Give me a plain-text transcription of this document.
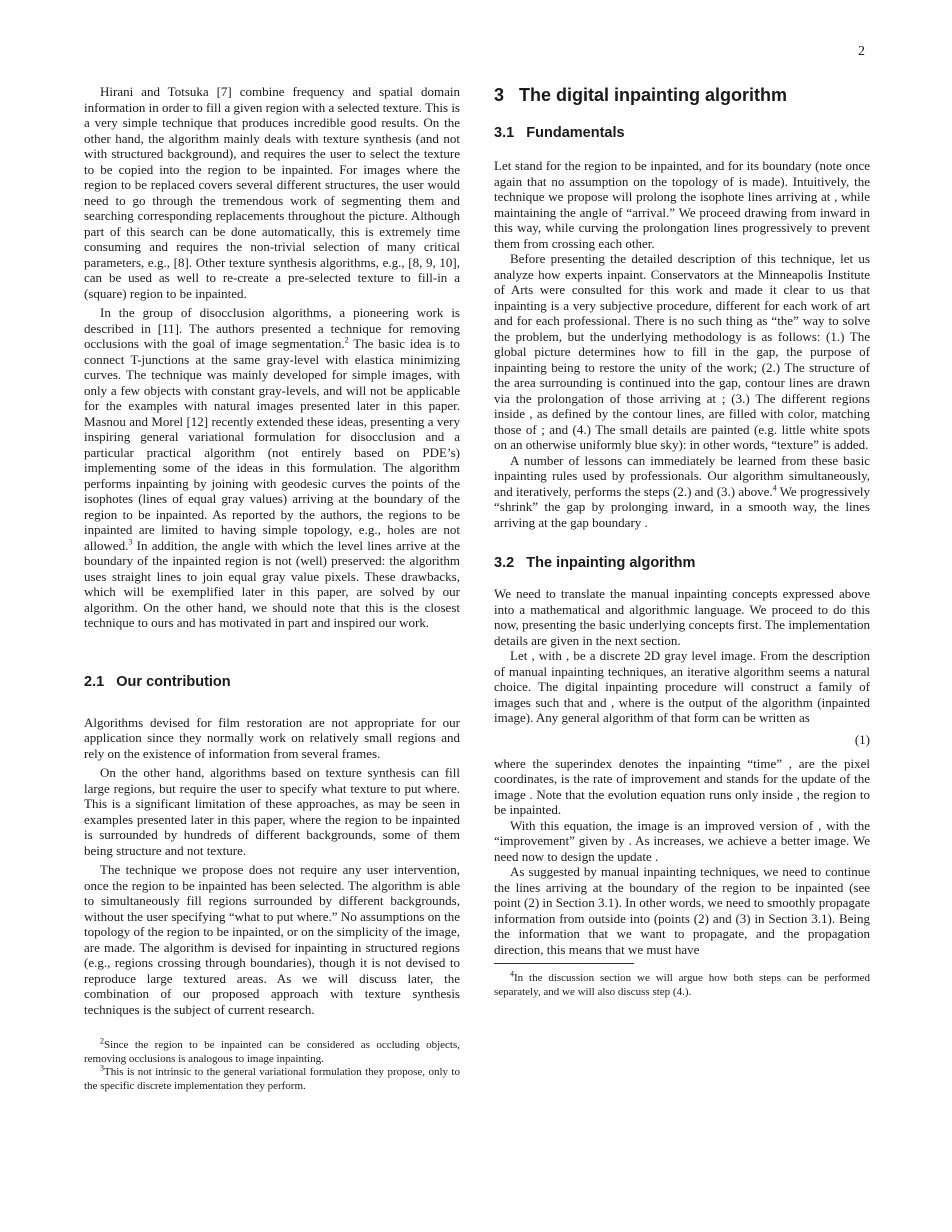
2

Hirani and Totsuka [7] combine frequency and spatial domain information in order to fill a given region with a selected texture. This is a very simple technique that produces incredible good results. On the other hand, the algorithm mainly deals with texture synthesis (and not with structured background), and requires the user to select the texture to be copied into the region to be inpainted. For images where the region to be replaced covers several different structures, the user would need to go through the tremendous work of segmenting them and searching corresponding replacements throughout the picture. Although part of this search can be done automatically, this is extremely time consuming and requires the non-trivial selection of many critical parameters, e.g., [8]. Other texture synthesis algorithms, e.g., [8, 9, 10], can be used as well to re-create a pre-selected texture to fill-in a (square) region to be inpainted.

In the group of disocclusion algorithms, a pioneering work is described in [11]. The authors presented a technique for removing occlusions with the goal of image segmentation.$^2$ The basic idea is to connect T-junctions at the same gray-level with elastica minimizing curves. The technique was mainly developed for simple images, with only a few objects with constant gray-levels, and will not be applicable for the examples with natural images presented later in this paper. Masnou and Morel [12] recently extended these ideas, presenting a very inspiring general variational formulation for disocclusion and a particular practical algorithm (not entirely based on PDE’s) implementing some of the ideas in this formulation. The algorithm performs inpainting by joining with geodesic curves the points of the isophotes (lines of equal gray values) arriving at the boundary of the region to be inpainted. As reported by the authors, the regions to be inpainted are limited to having simple topology, e.g., holes are not allowed.$^3$ In addition, the angle with which the level lines arrive at the boundary of the inpainted region is not (well) preserved: the algorithm uses straight lines to join equal gray value pixels. These drawbacks, which will be exemplified later in this paper, are solved by our algorithm. On the other hand, we should note that this is the closest technique to ours and has motivated in part and inspired our work.

2.1 Our contribution

Algorithms devised for film restoration are not appropriate for our application since they normally work on relatively small regions and rely on the existence of information from several frames.

On the other hand, algorithms based on texture synthesis can fill large regions, but require the user to specify what texture to put where. This is a significant limitation of these approaches, as may be seen in examples presented later in this paper, where the region to be inpainted is surrounded by hundreds of different backgrounds, some of them being structure and not texture.

The technique we propose does not require any user intervention, once the region to be inpainted has been selected. The algorithm is able to simultaneously fill regions surrounded by different backgrounds, without the user specifying “what to put where.” No assumptions on the topology of the region to be inpainted, or on the simplicity of the image, are made. The algorithm is devised for inpainting in structured regions (e.g., regions crossing through boundaries), though it is not devised to reproduce large textured areas. As we will discuss later, the combination of our proposed approach with texture synthesis techniques is the subject of current research.

$^2$Since the region to be inpainted can be considered as occluding objects, removing occlusions is analogous to image inpainting.

$^3$This is not intrinsic to the general variational formulation they propose, only to the specific discrete implementation they perform.

3 The digital inpainting algorithm
3.1 Fundamentals

Let stand for the region to be inpainted, and for its boundary (note once again that no assumption on the topology of is made). Intuitively, the technique we propose will prolong the isophote lines arriving at , while maintaining the angle of “arrival.” We proceed drawing from inward in this way, while curving the prolongation lines progressively to prevent them from crossing each other.

Before presenting the detailed description of this technique, let us analyze how experts inpaint. Conservators at the Minneapolis Institute of Arts were consulted for this work and made it clear to us that inpainting is a very subjective procedure, different for each work of art and for each professional. There is no such thing as “the” way to solve the problem, but the underlying methodology is as follows: (1.) The global picture determines how to fill in the gap, the purpose of inpainting being to restore the unity of the work; (2.) The structure of the area surrounding is continued into the gap, contour lines are drawn via the prolongation of those arriving at ; (3.) The different regions inside , as defined by the contour lines, are filled with color, matching those of ; and (4.) The small details are painted (e.g. little white spots on an otherwise uniformly blue sky): in other words, “texture” is added.

A number of lessons can immediately be learned from these basic inpainting rules used by professionals. Our algorithm simultaneously, and iteratively, performs the steps (2.) and (3.) above.$^4$ We progressively “shrink” the gap by prolonging inward, in a smooth way, the lines arriving at the gap boundary .

3.2 The inpainting algorithm

We need to translate the manual inpainting concepts expressed above into a mathematical and algorithmic language. We proceed to do this now, presenting the basic underlying concepts first. The implementation details are given in the next section.

Let , with , be a discrete 2D gray level image. From the description of manual inpainting techniques, an iterative algorithm seems a natural choice. The digital inpainting procedure will construct a family of images such that and , where is the output of the algorithm (inpainted image). Any general algorithm of that form can be written as

(1)

where the superindex denotes the inpainting “time” , are the pixel coordinates, is the rate of improvement and stands for the update of the image . Note that the evolution equation runs only inside , the region to be inpainted.

With this equation, the image is an improved version of , with the “improvement” given by . As increases, we achieve a better image. We need now to design the update .

As suggested by manual inpainting techniques, we need to continue the lines arriving at the boundary of the region to be inpainted (see point (2) in Section 3.1). In other words, we need to smoothly propagate information from outside into (points (2) and (3) in Section 3.1). Being the information that we want to propagate, and the propagation direction, this means that we must have

$^4$In the discussion section we will argue how both steps can be performed separately, and we will also discuss step (4.).
